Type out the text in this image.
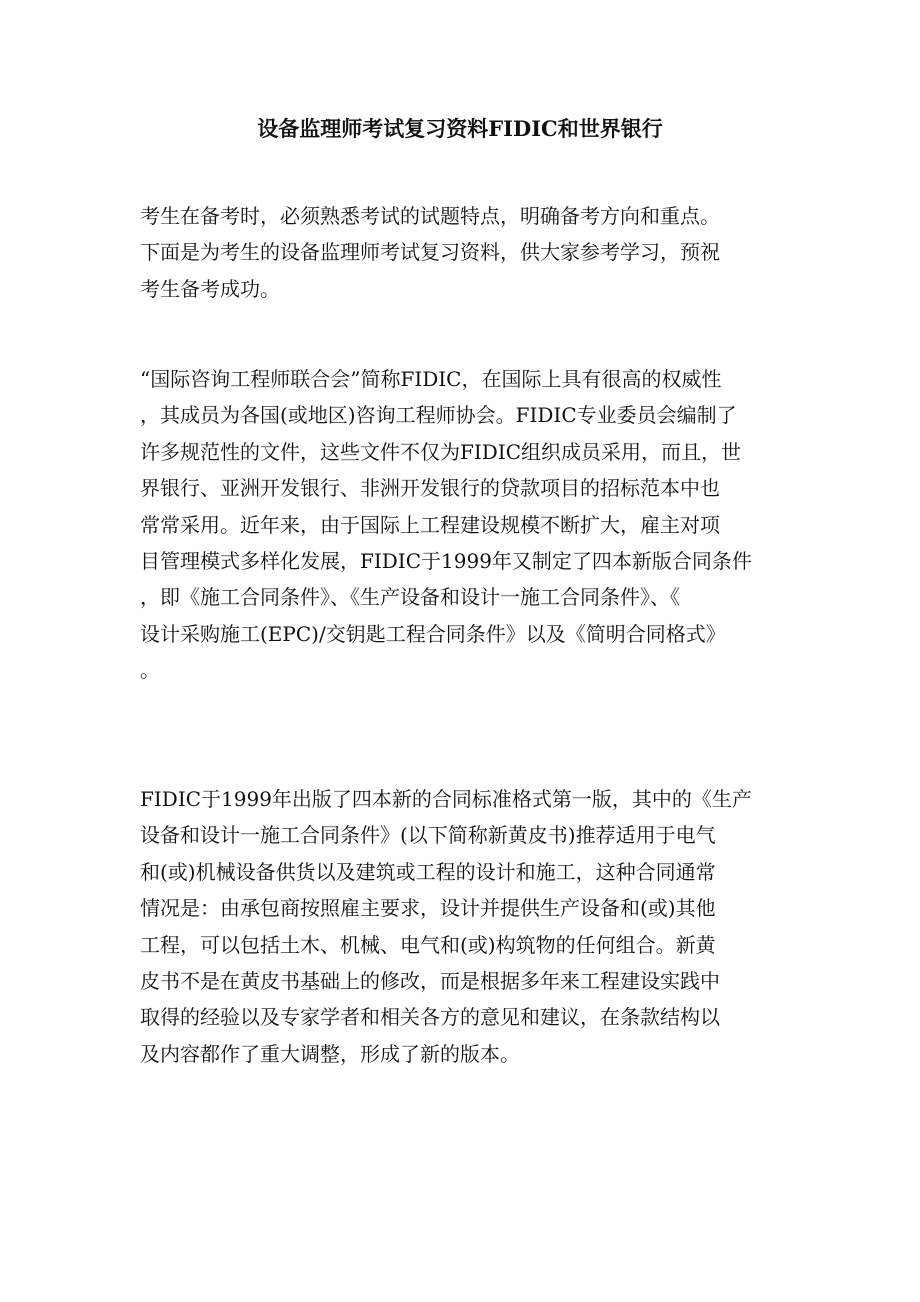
设备监理师考试复习资料FIDIC和世界银行
考生在备考时，必须熟悉考试的试题特点，明确备考方向和重点。
下面是为考生的设备监理师考试复习资料，供大家参考学习，预祝
考生备考成功。
“国际咨询工程师联合会”简称FIDIC，在国际上具有很高的权威性
，其成员为各国(或地区)咨询工程师协会。FIDIC专业委员会编制了
许多规范性的文件，这些文件不仅为FIDIC组织成员采用，而且，世
界银行、亚洲开发银行、非洲开发银行的贷款项目的招标范本中也
常常采用。近年来，由于国际上工程建设规模不断扩大，雇主对项
目管理模式多样化发展，FIDIC于1999年又制定了四本新版合同条件
，即《施工合同条件》、《生产设备和设计一施工合同条件》、《
设计采购施工(EPC)/交钥匙工程合同条件》以及《简明合同格式》
。
FIDIC于1999年出版了四本新的合同标准格式第一版，其中的《生产
设备和设计一施工合同条件》(以下简称新黄皮书)推荐适用于电气
和(或)机械设备供货以及建筑或工程的设计和施工，这种合同通常
情况是：由承包商按照雇主要求，设计并提供生产设备和(或)其他
工程，可以包括土木、机械、电气和(或)构筑物的任何组合。新黄
皮书不是在黄皮书基础上的修改，而是根据多年来工程建设实践中
取得的经验以及专家学者和相关各方的意见和建议，在条款结构以
及内容都作了重大调整，形成了新的版本。
